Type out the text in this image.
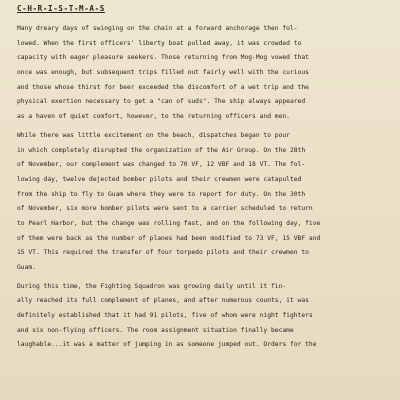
C-H-R-I-S-T-M-A-S
Many dreary days of swinging on the chain at a forward anchorage then fol-
lowed. When the first officers' liberty boat pulled away, it was crowded to
capacity with eager pleasure seekers. Those returning from Mog-Mog vowed that
once was enough, but subsequent trips filled out fairly well with the curious
and those whose thirst for beer exceeded the discomfort of a wet trip and the
physical exertion necessary to get a "can of suds". The ship always appeared
as a haven of quiet comfort, however, to the returning officers and men.
While there was little excitement on the beach, dispatches began to pour
in which completely disrupted the organization of the Air Group. On the 28th
of November, our complement was changed to 70 VF, 12 VBF and 18 VT. The fol-
lowing day, twelve dejected bomber pilots and their crewmen were catapulted
from the ship to fly to Guam where they were to report for duty. On the 30th
of November, six more bomber pilots were sent to a carrier scheduled to return
to Pearl Harbor, but the change was rolling fast, and on the following day, five
of them were back as the number of planes had been modified to 73 VF, 15 VBF and
15 VT. This required the transfer of four torpedo pilots and their crewmen to
Guam.
During this time, the Fighting Squadron was growing daily until it fin-
ally reached its full complement of planes, and after numerous counts, it was
definitely established that it had 91 pilots, five of whom were night fighters
and six non-flying officers. The room assignment situation finally became
laughable...it was a matter of jumping in as someone jumped out. Orders for the
